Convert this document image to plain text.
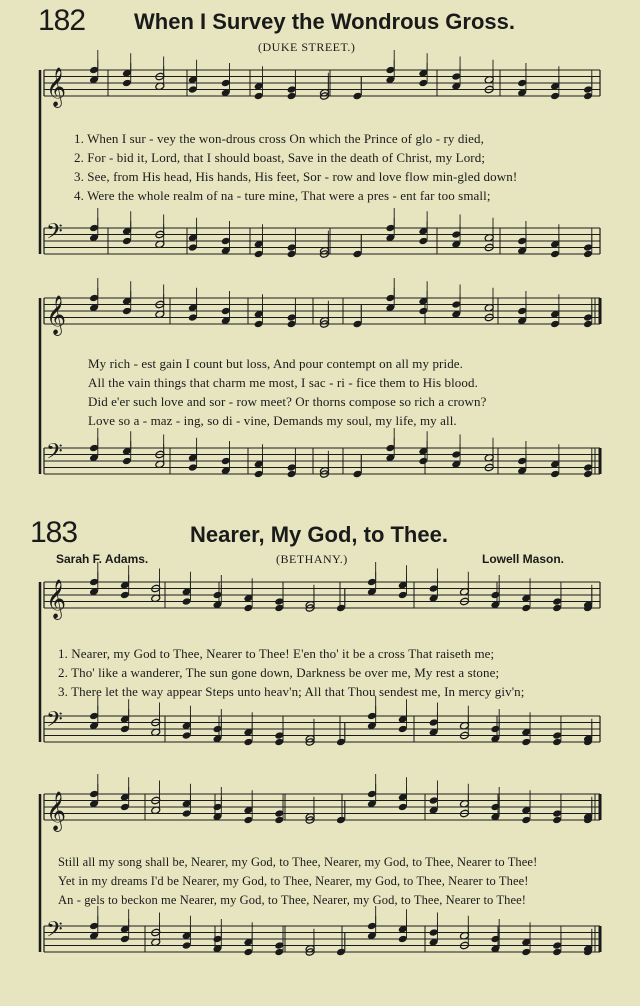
182 When I Survey the Wondrous Gross.
(DUKE STREET.)
𝄞
𝄢
𝄞
𝄢
𝄞
𝄢
𝄞
𝄢
1. When I sur - vey the won-drous cross On which the Prince of glo - ry died,
2. For - bid it, Lord, that I should boast, Save in the death of Christ, my Lord;
3. See, from His head, His hands, His feet, Sor - row and love flow min-gled down!
4. Were the whole realm of na - ture mine, That were a pres - ent far too small;
My rich - est gain I count but loss, And pour contempt on all my pride.
All the vain things that charm me most, I sac - ri - fice them to His blood.
Did e'er such love and sor - row meet? Or thorns compose so rich a crown?
Love so a - maz - ing, so di - vine, Demands my soul, my life, my all.
183	Nearer, My God, to Thee.
Sarah F. Adams.	(BETHANY.)	Lowell Mason.
1. Nearer, my God to Thee, Nearer to Thee! E'en tho' it be a cross That raiseth me;
2. Tho' like a wanderer, The sun gone down, Darkness be over me, My rest a stone;
3. There let the way appear Steps unto heav'n; All that Thou sendest me, In mercy giv'n;
Still all my song shall be, Nearer, my God, to Thee, Nearer, my God, to Thee, Nearer to Thee!
Yet in my dreams I'd be Nearer, my God, to Thee, Nearer, my God, to Thee, Nearer to Thee!
An - gels to beckon me Nearer, my God, to Thee, Nearer, my God, to Thee, Nearer to Thee!
